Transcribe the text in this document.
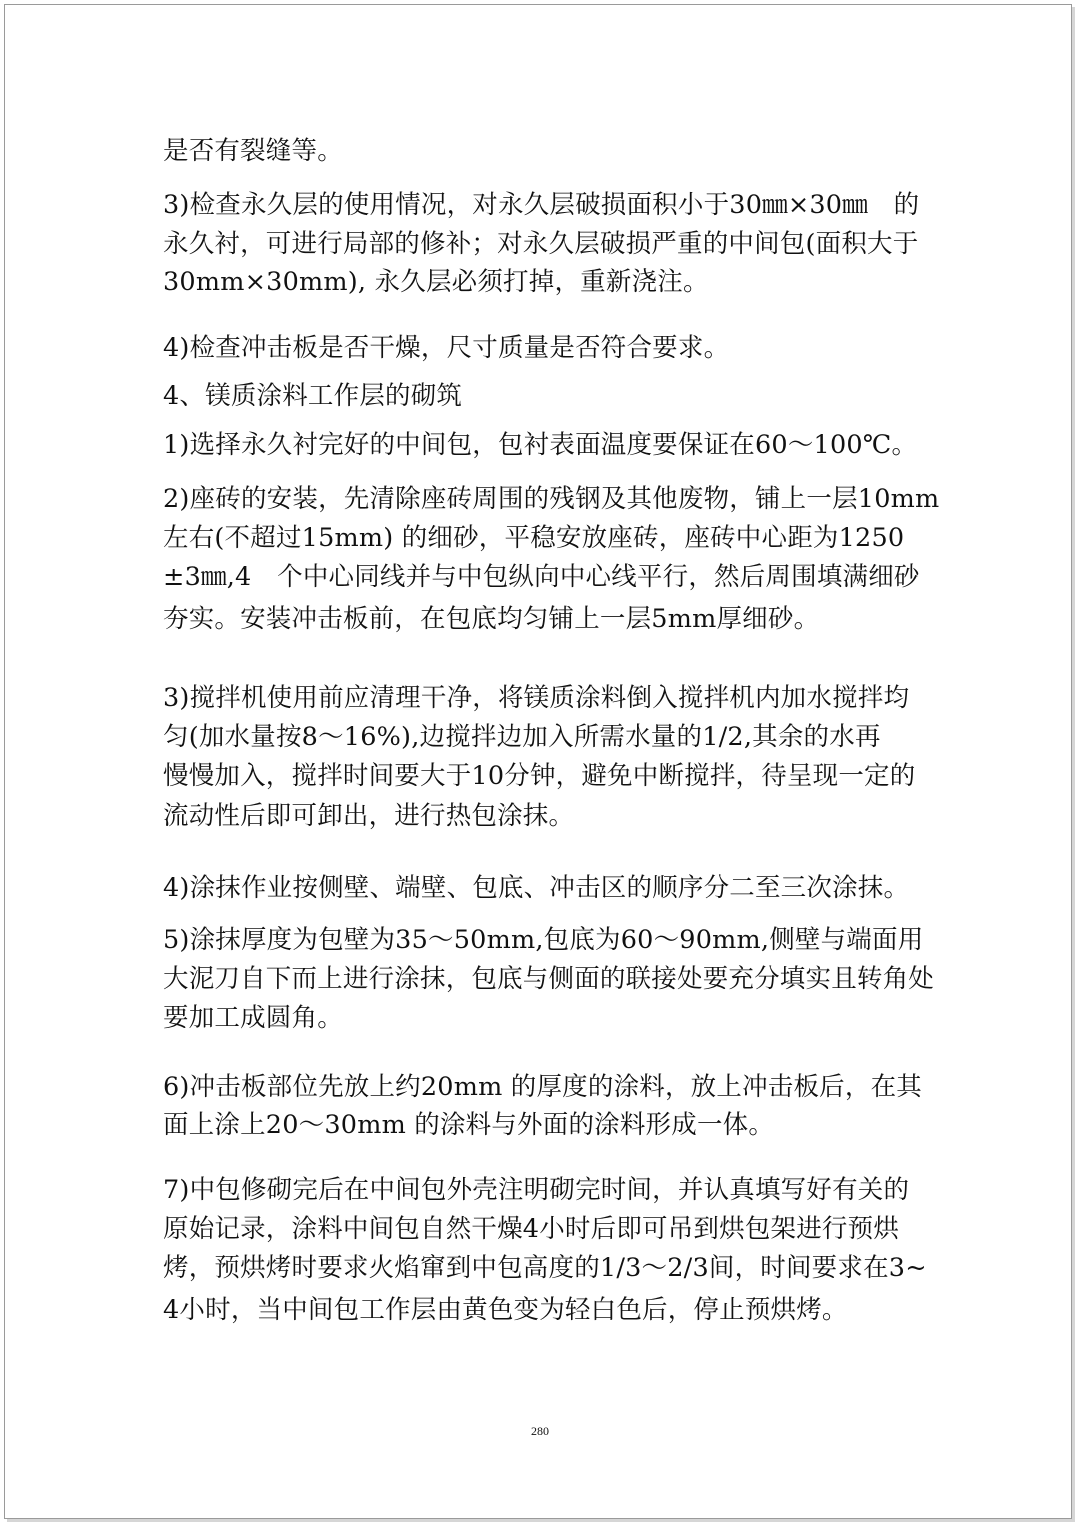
是否有裂缝等。
3)检查永久层的使用情况，对永久层破损面积小于30㎜×30㎜　的
永久衬，可进行局部的修补；对永久层破损严重的中间包(面积大于
30mm×30mm), 永久层必须打掉，重新浇注。
4)检查冲击板是否干燥，尺寸质量是否符合要求。
4、镁质涂料工作层的砌筑
1)选择永久衬完好的中间包，包衬表面温度要保证在60～100℃。
2)座砖的安装，先清除座砖周围的残钢及其他废物，铺上一层10mm
左右(不超过15mm) 的细砂，平稳安放座砖，座砖中心距为1250
±3㎜,4　个中心同线并与中包纵向中心线平行，然后周围填满细砂
夯实。安装冲击板前，在包底均匀铺上一层5mm厚细砂。
3)搅拌机使用前应清理干净，将镁质涂料倒入搅拌机内加水搅拌均
匀(加水量按8～16%),边搅拌边加入所需水量的1/2,其余的水再
慢慢加入，搅拌时间要大于10分钟，避免中断搅拌，待呈现一定的
流动性后即可卸出，进行热包涂抹。
4)涂抹作业按侧壁、端壁、包底、冲击区的顺序分二至三次涂抹。
5)涂抹厚度为包壁为35～50mm,包底为60～90mm,侧壁与端面用
大泥刀自下而上进行涂抹，包底与侧面的联接处要充分填实且转角处
要加工成圆角。
6)冲击板部位先放上约20mm 的厚度的涂料，放上冲击板后，在其
面上涂上20～30mm 的涂料与外面的涂料形成一体。
7)中包修砌完后在中间包外壳注明砌完时间，并认真填写好有关的
原始记录，涂料中间包自然干燥4小时后即可吊到烘包架进行预烘
烤，预烘烤时要求火焰窜到中包高度的1/3～2/3间，时间要求在3~
4小时，当中间包工作层由黄色变为轻白色后，停止预烘烤。
280
